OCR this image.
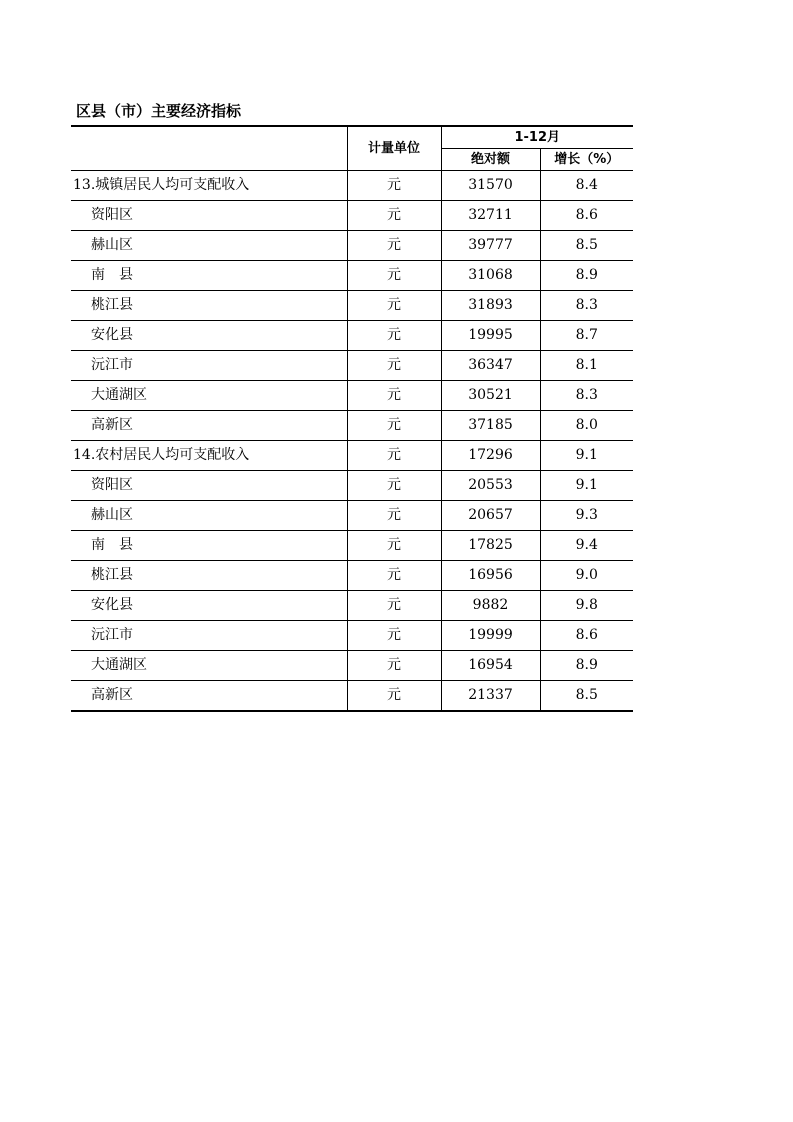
区县（市）主要经济指标
	计量单位	1-12月	
		绝对额	增长（%）
13.城镇居民人均可支配收入	元	31570	8.4
资阳区	元	32711	8.6
赫山区	元	39777	8.5
南　县	元	31068	8.9
桃江县	元	31893	8.3
安化县	元	19995	8.7
沅江市	元	36347	8.1
大通湖区	元	30521	8.3
高新区	元	37185	8.0
14.农村居民人均可支配收入	元	17296	9.1
资阳区	元	20553	9.1
赫山区	元	20657	9.3
南　县	元	17825	9.4
桃江县	元	16956	9.0
安化县	元	9882	9.8
沅江市	元	19999	8.6
大通湖区	元	16954	8.9
高新区	元	21337	8.5
